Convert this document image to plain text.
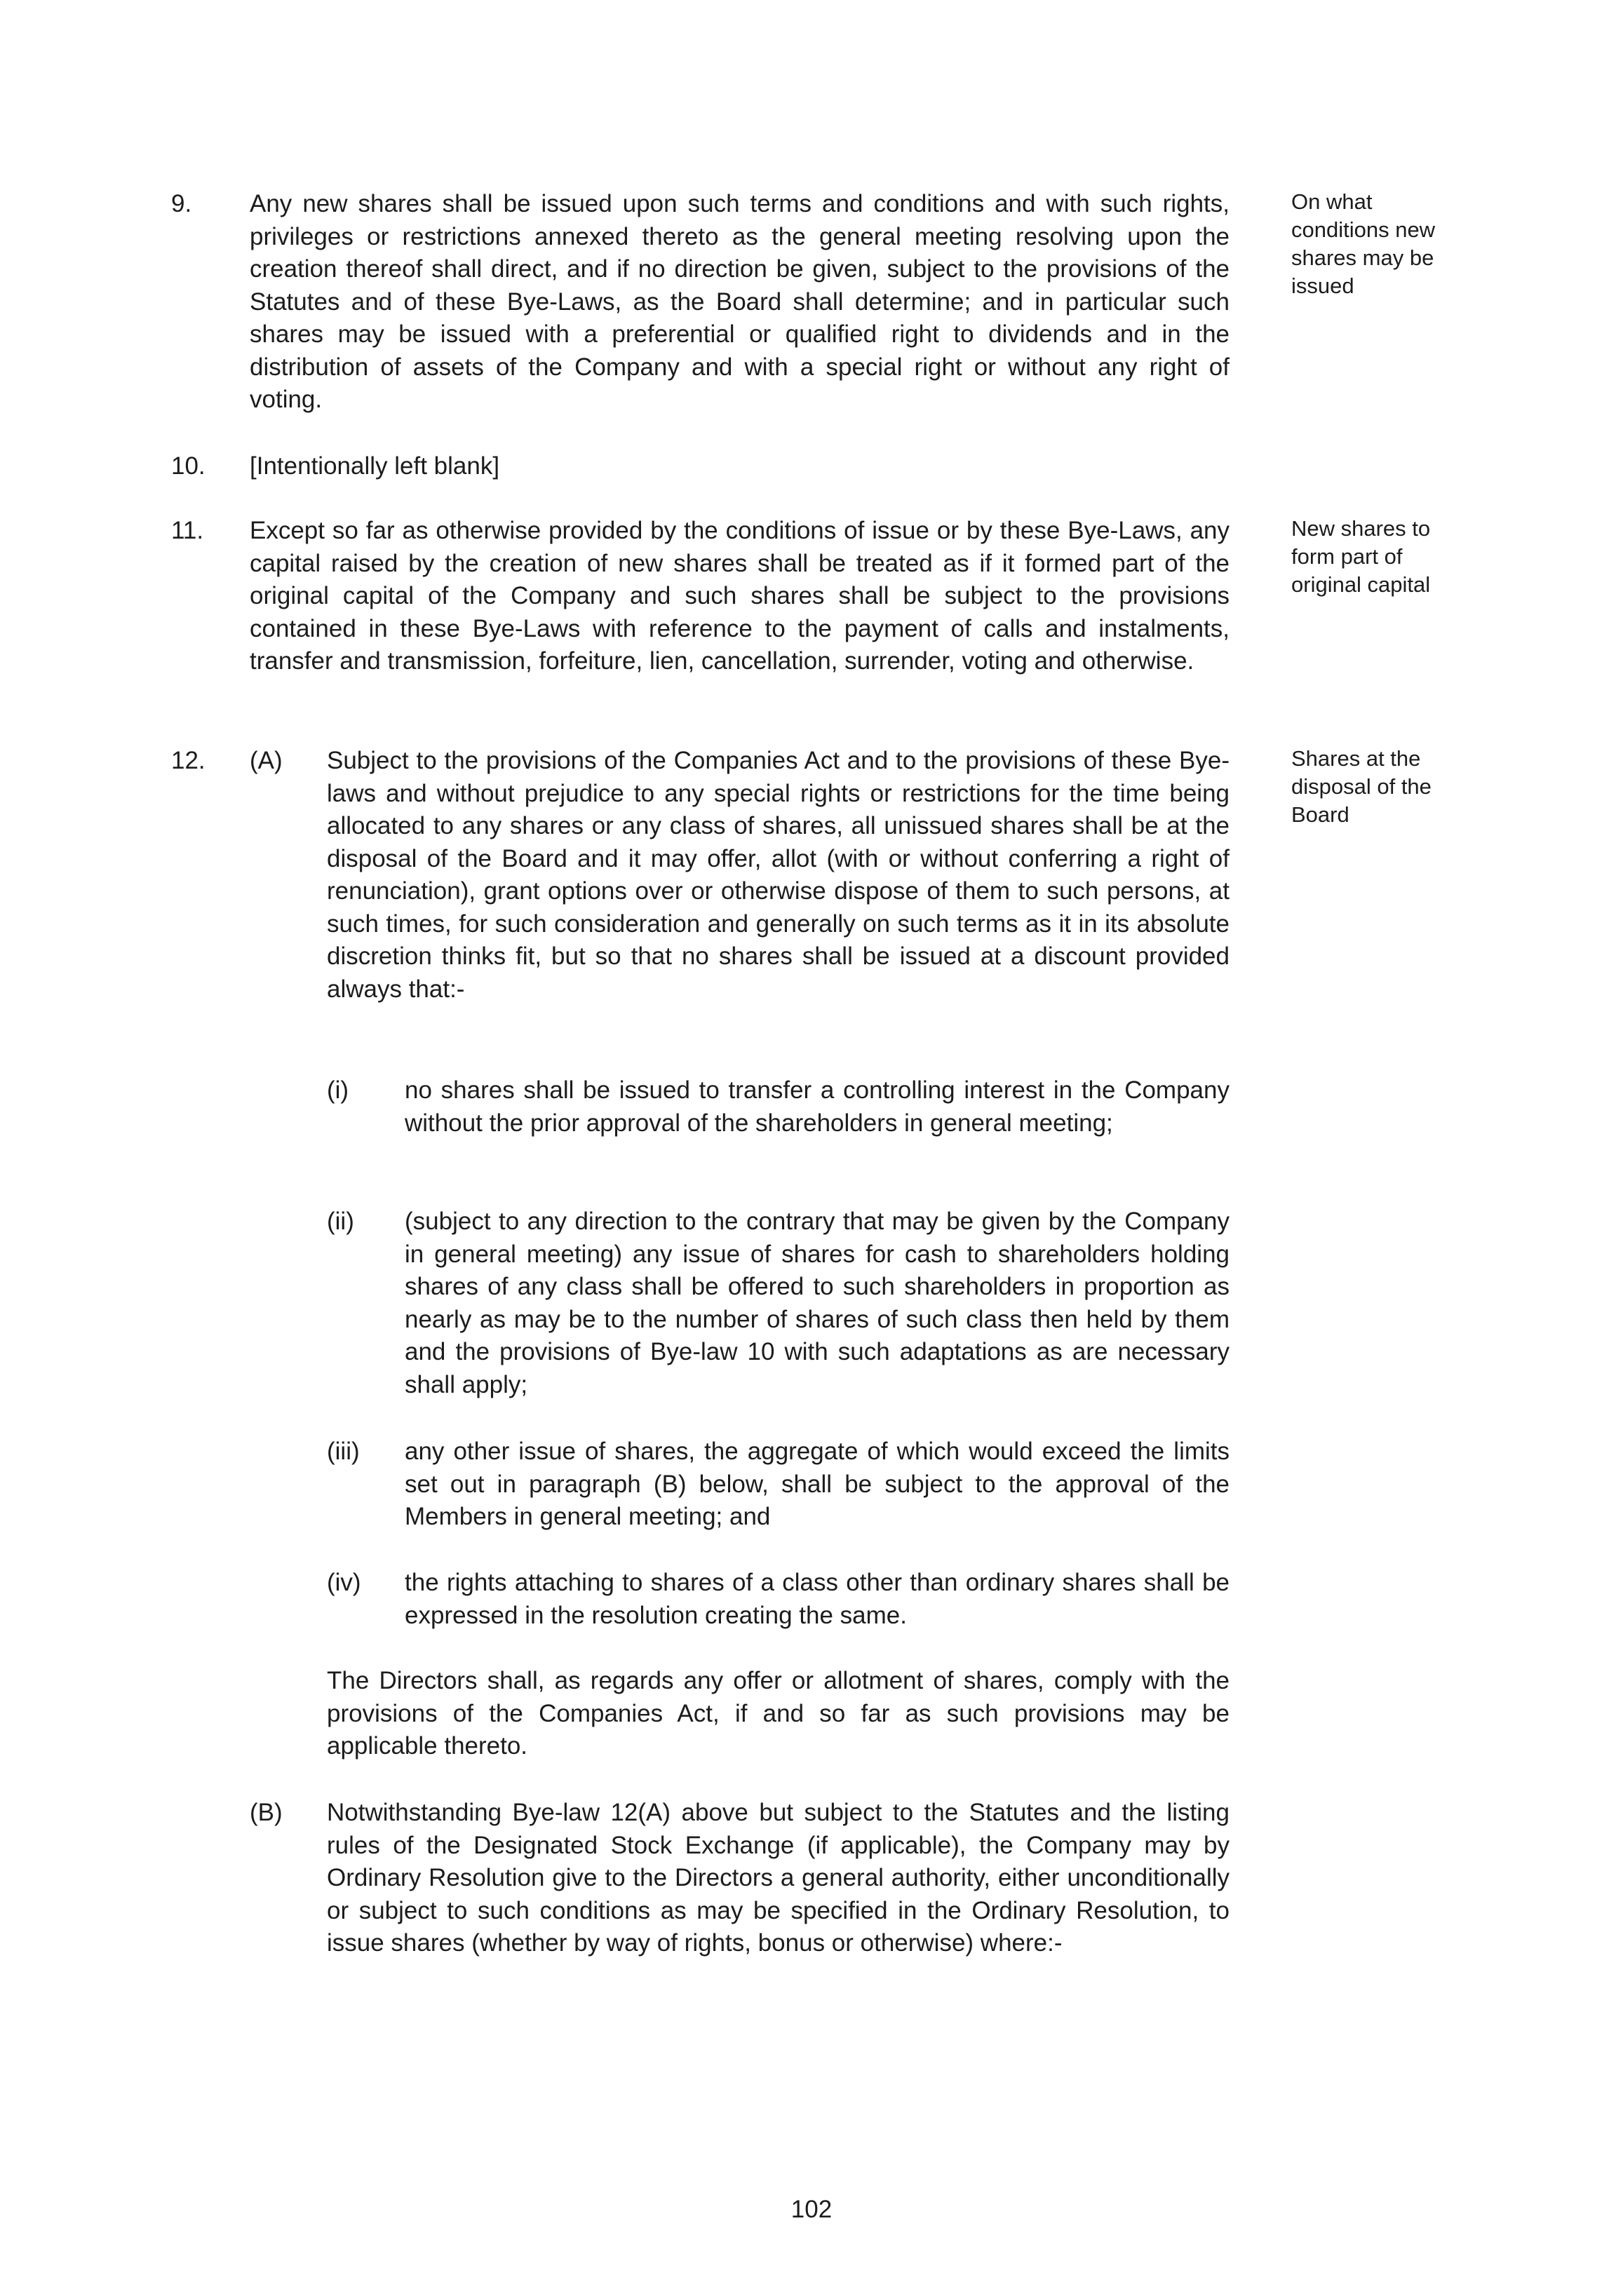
9. Any new shares shall be issued upon such terms and conditions and with such rights, privileges or restrictions annexed thereto as the general meeting resolving upon the creation thereof shall direct, and if no direction be given, subject to the provisions of the Statutes and of these Bye-Laws, as the Board shall determine; and in particular such shares may be issued with a preferential or qualified right to dividends and in the distribution of assets of the Company and with a special right or without any right of voting.

On what conditions new shares may be issued

10. [Intentionally left blank]

11. Except so far as otherwise provided by the conditions of issue or by these Bye-Laws, any capital raised by the creation of new shares shall be treated as if it formed part of the original capital of the Company and such shares shall be subject to the provisions contained in these Bye-Laws with reference to the payment of calls and instalments, transfer and transmission, forfeiture, lien, cancellation, surrender, voting and otherwise.

New shares to form part of original capital

12.	Shares at the disposal of the Board

(A) Subject to the provisions of the Companies Act and to the provisions of these Bye-laws and without prejudice to any special rights or restrictions for the time being allocated to any shares or any class of shares, all unissued shares shall be at the disposal of the Board and it may offer, allot (with or without conferring a right of renunciation), grant options over or otherwise dispose of them to such persons, at such times, for such consideration and generally on such terms as it in its absolute discretion thinks fit, but so that no shares shall be issued at a discount provided always that:-

(i) no shares shall be issued to transfer a controlling interest in the Company without the prior approval of the shareholders in general meeting;

(ii) (subject to any direction to the contrary that may be given by the Company in general meeting) any issue of shares for cash to shareholders holding shares of any class shall be offered to such shareholders in proportion as nearly as may be to the number of shares of such class then held by them and the provisions of Bye-law 10 with such adaptations as are necessary shall apply;

(iii) any other issue of shares, the aggregate of which would exceed the limits set out in paragraph (B) below, shall be subject to the approval of the Members in general meeting; and

(iv) the rights attaching to shares of a class other than ordinary shares shall be expressed in the resolution creating the same.

The Directors shall, as regards any offer or allotment of shares, comply with the provisions of the Companies Act, if and so far as such provisions may be applicable thereto.

(B) Notwithstanding Bye-law 12(A) above but subject to the Statutes and the listing rules of the Designated Stock Exchange (if applicable), the Company may by Ordinary Resolution give to the Directors a general authority, either unconditionally or subject to such conditions as may be specified in the Ordinary Resolution, to issue shares (whether by way of rights, bonus or otherwise) where:-

102
